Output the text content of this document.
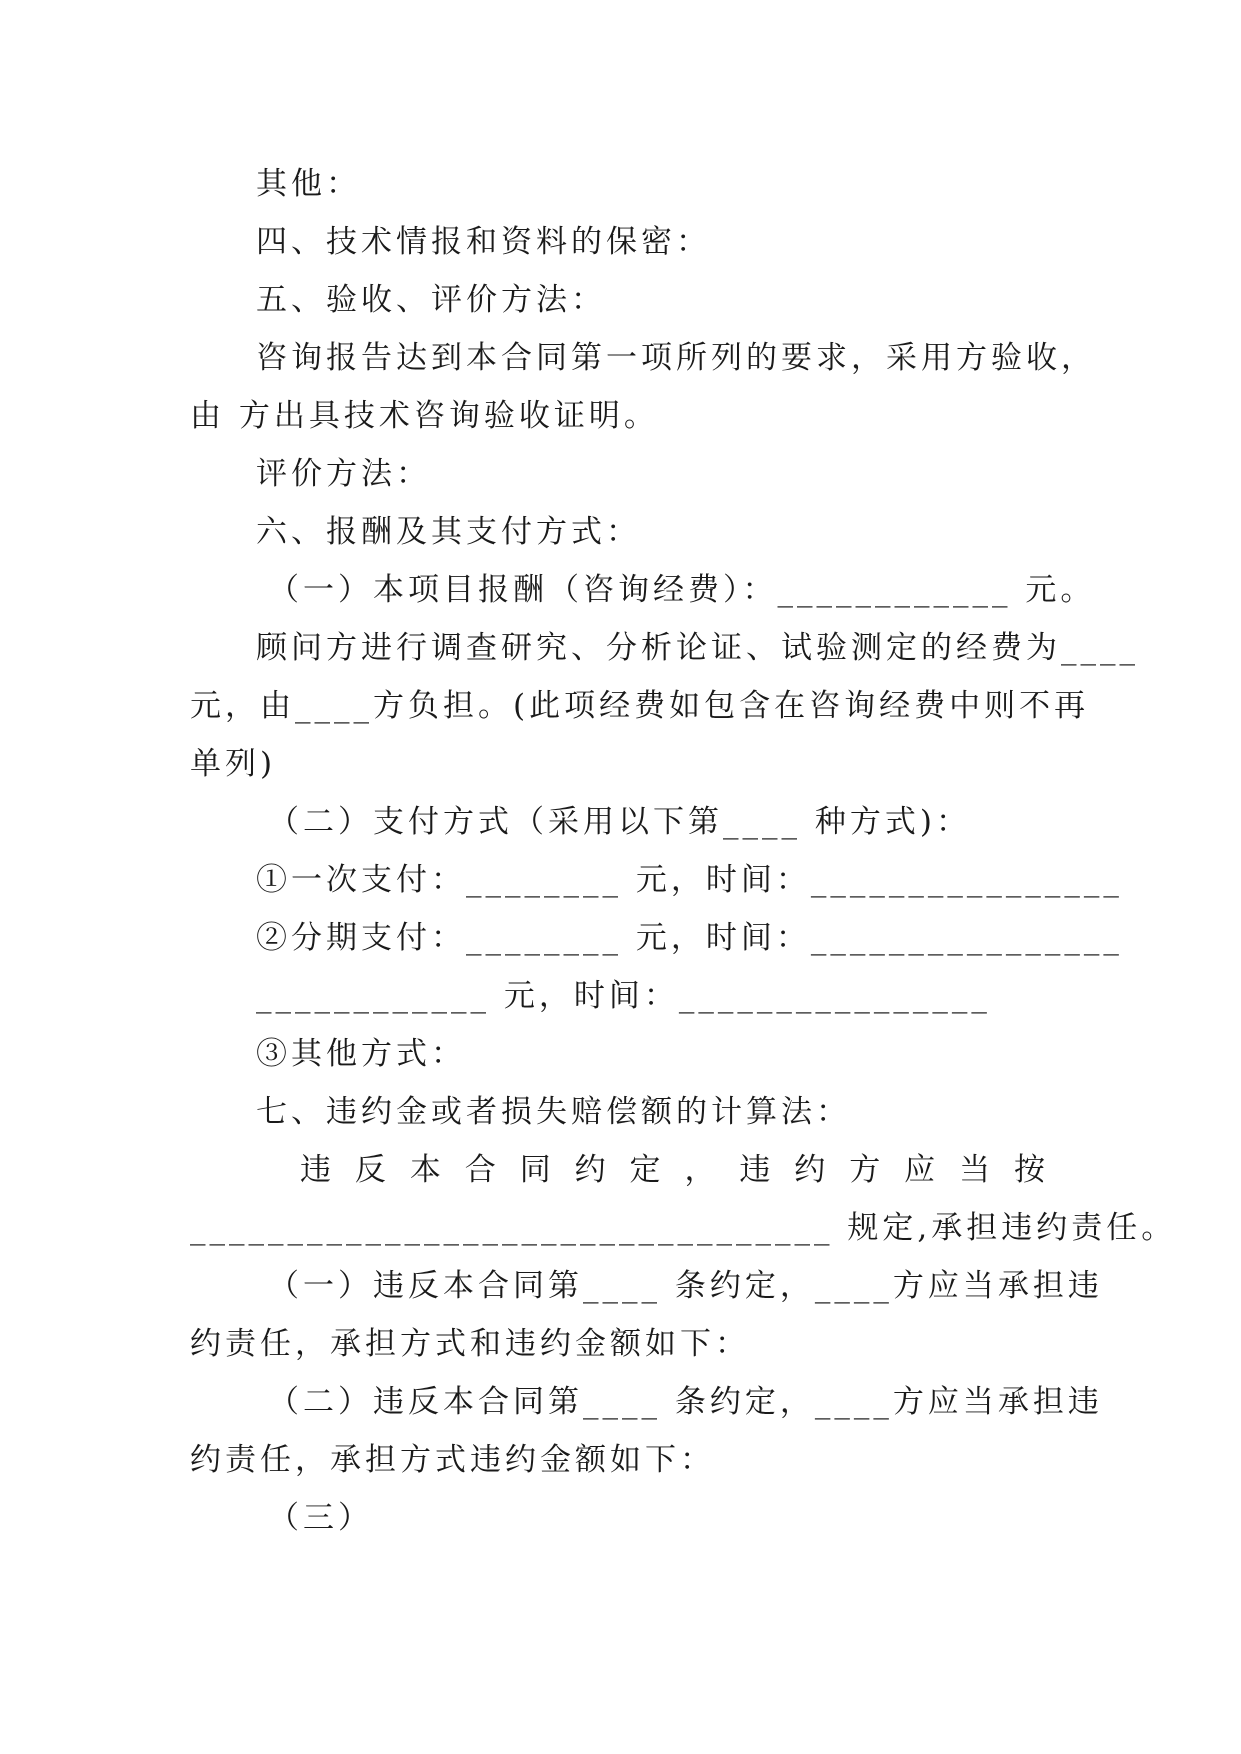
其他：
四、技术情报和资料的保密：
五、验收、评价方法：
咨询报告达到本合同第一项所列的要求，采用方验收，
由 方出具技术咨询验收证明。
评价方法：
六、报酬及其支付方式：
（一）本项目报酬（咨询经费）：____________ 元。
顾问方进行调查研究、分析论证、试验测定的经费为____
元，由____方负担。(此项经费如包含在咨询经费中则不再
单列)
（二）支付方式（采用以下第____ 种方式)：
①一次支付：________ 元，时间：________________
②分期支付：________ 元，时间：________________
____________ 元，时间：________________
③其他方式：
七、违约金或者损失赔偿额的计算法：
违 反 本 合 同 约 定 ， 违 约 方 应 当 按
_________________________________ 规定,承担违约责任。
（一）违反本合同第____ 条约定，____方应当承担违
约责任，承担方式和违约金额如下：
（二）违反本合同第____ 条约定，____方应当承担违
约责任，承担方式违约金额如下：
（三）
